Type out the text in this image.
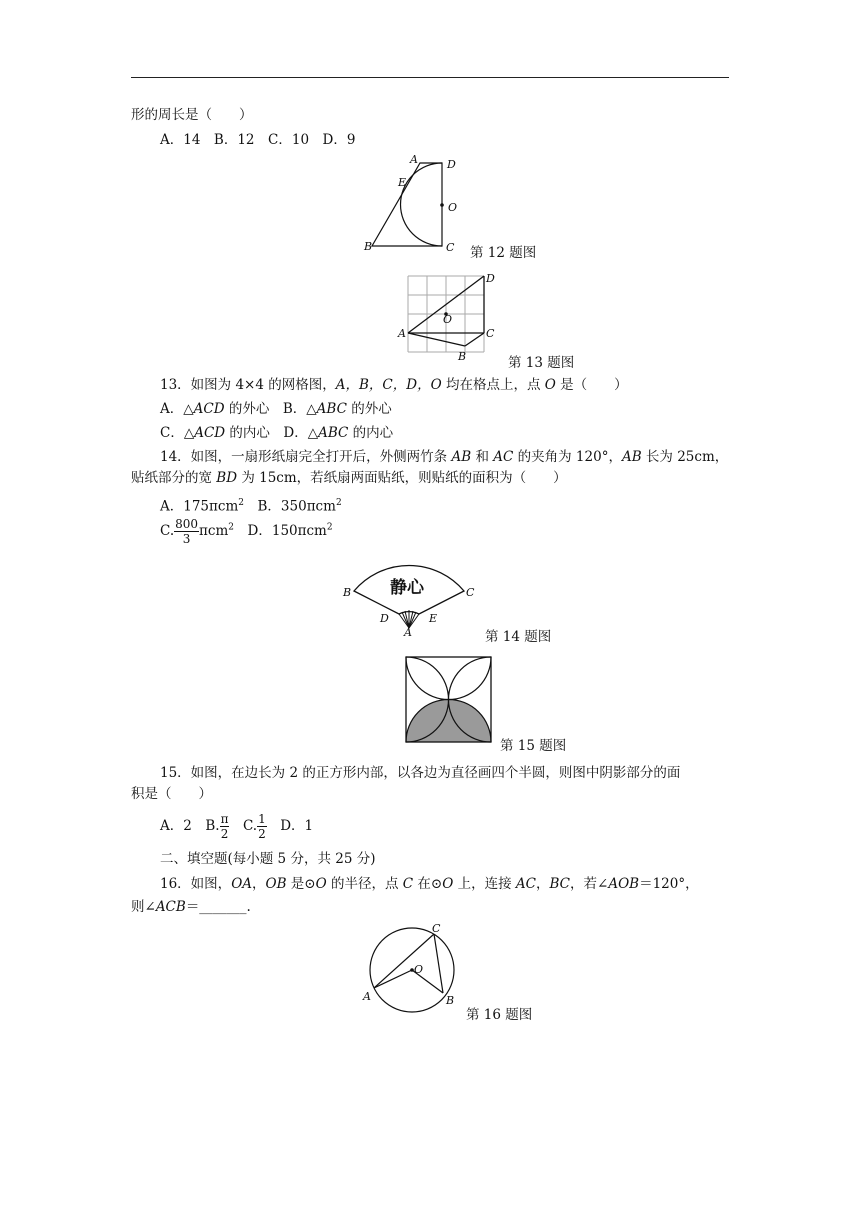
形的周长是（　　）
A．14　B．12　C．10　D．9
A	D
E
O
B	C 第 12 题图
D
O
A	C
B	第 13 题图
13．如图为 4×4 的网格图，A，B，C，D，O 均在格点上，点 O 是（　　）
A．△ACD 的外心　B．△ABC 的外心
C．△ACD 的内心　D．△ABC 的内心
14．如图，一扇形纸扇完全打开后，外侧两竹条 AB 和 AC 的夹角为 120°，AB 长为 25cm，
贴纸部分的宽 BD 为 15cm，若纸扇两面贴纸，则贴纸的面积为（　　）
A．175πcm$^2$　B．350πcm$^2$
C. $\frac{800}{3} \pi cm^2$　D．150πcm$^2$
静心
B	C
D	E
A	第 14 题图
第 15 题图
15．如图，在边长为 2 的正方形内部，以各边为直径画四个半圆，则图中阴影部分的面
积是（　　）
A．2　B. $\frac{\pi}{2}$ 　C. $\frac{1}{2}$ 　D．1
二、填空题(每小题 5 分，共 25 分)
16．如图，OA，OB 是⊙O 的半径，点 C 在⊙O 上，连接 AC，BC，若∠AOB＝120°，
则∠ACB＝_______.
C
O
A	B
第 16 题图
